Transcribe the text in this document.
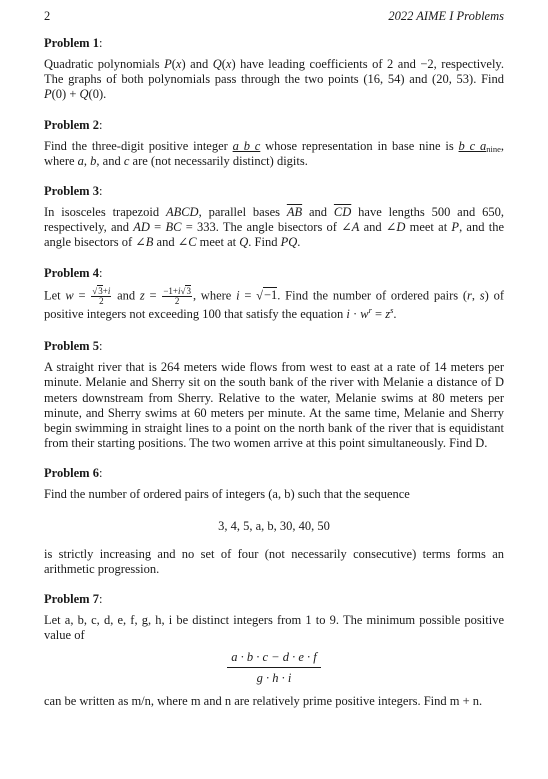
2	2022 AIME I Problems

Problem 1:

Quadratic polynomials P(x) and Q(x) have leading coefficients of 2 and −2, respectively. The graphs of both polynomials pass through the two points (16, 54) and (20, 53). Find P(0) + Q(0).

Problem 2:

Find the three-digit positive integer a b c whose representation in base nine is b c $a_{nine}$, where a, b, and c are (not necessarily distinct) digits.

Problem 3:

In isosceles trapezoid ABCD, parallel bases $\overline{AB}$ and $\overline{CD}$ have lengths 500 and 650, respectively, and AD = BC = 333. The angle bisectors of ∠A and ∠D meet at P, and the angle bisectors of ∠B and ∠C meet at Q. Find PQ.

Problem 4:

Let $w = \frac{√3+i}{2}$ and $z = \frac{-1+i√3}{2}$ , where i = √−1. Find the number of ordered pairs (r, s) of positive integers not exceeding 100 that satisfy the equation $i \cdot w^r = z^s$.

Problem 5:

A straight river that is 264 meters wide flows from west to east at a rate of 14 meters per minute. Melanie and Sherry sit on the south bank of the river with Melanie a distance of D meters downstream from Sherry. Relative to the water, Melanie swims at 80 meters per minute, and Sherry swims at 60 meters per minute. At the same time, Melanie and Sherry begin swimming in straight lines to a point on the north bank of the river that is equidistant from their starting positions. The two women arrive at this point simultaneously. Find D.

Problem 6:

Find the number of ordered pairs of integers (a, b) such that the sequence

3, 4, 5, a, b, 30, 40, 50

is strictly increasing and no set of four (not necessarily consecutive) terms forms an arithmetic progression.

Problem 7:

Let a, b, c, d, e, f, g, h, i be distinct integers from 1 to 9. The minimum possible positive value of

$\frac{a \cdot b \cdot c - d \cdot e \cdot f}{g \cdot h \cdot i}$

can be written as m/n, where m and n are relatively prime positive integers. Find m + n.
